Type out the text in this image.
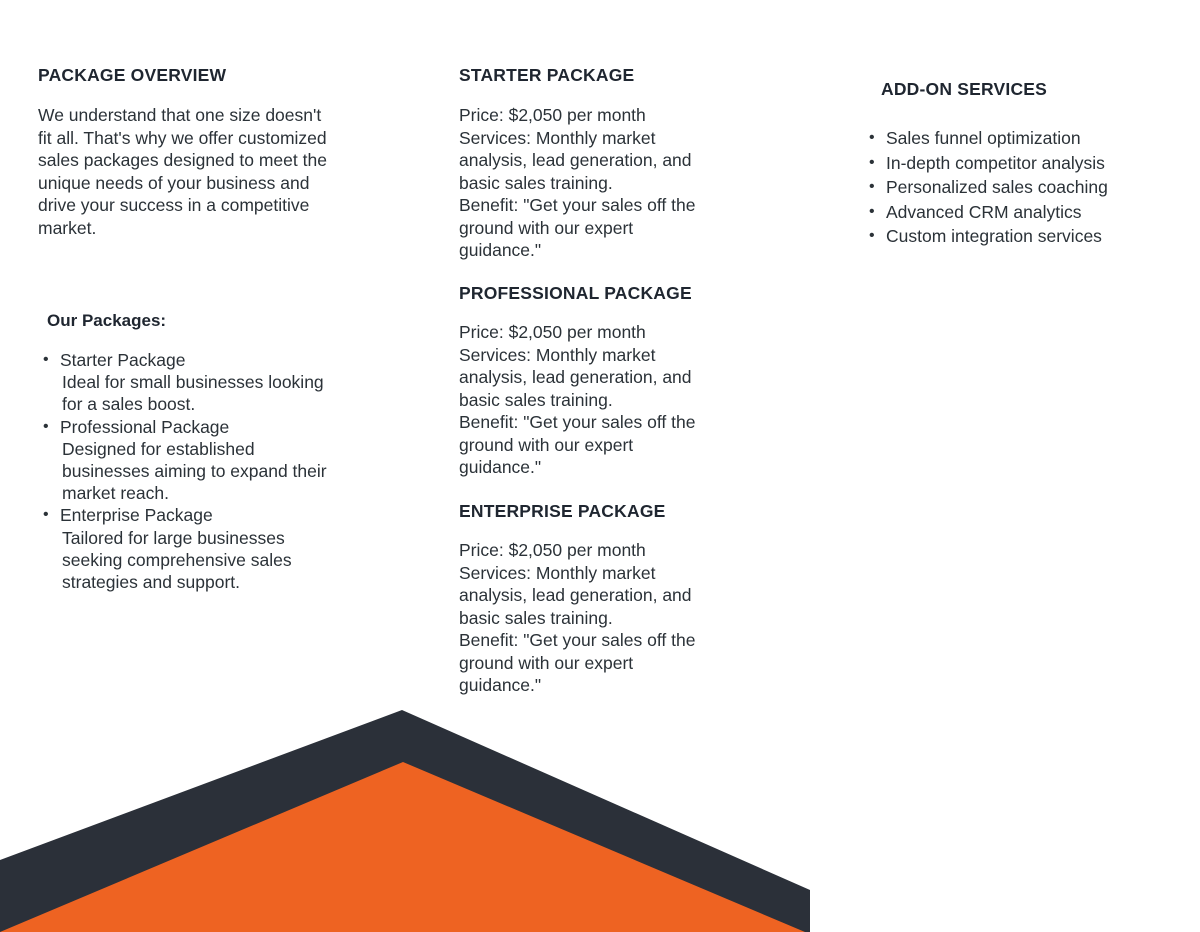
PACKAGE OVERVIEW

We understand that one size doesn't fit all. That's why we offer customized sales packages designed to meet the unique needs of your business and drive your success in a competitive market.

Our Packages:
• Starter Package
Ideal for small businesses looking for a sales boost.
• Professional Package
Designed for established businesses aiming to expand their market reach.
• Enterprise Package
Tailored for large businesses seeking comprehensive sales strategies and support.
STARTER PACKAGE

Price: $2,050 per month

Services: Monthly market analysis, lead generation, and basic sales training.

Benefit: "Get your sales off the ground with our expert guidance."

PROFESSIONAL PACKAGE

Price: $2,050 per month

Services: Monthly market analysis, lead generation, and basic sales training.

Benefit: "Get your sales off the ground with our expert guidance."

ENTERPRISE PACKAGE

Price: $2,050 per month

Services: Monthly market analysis, lead generation, and basic sales training.

Benefit: "Get your sales off the ground with our expert guidance."

ADD-ON SERVICES
• Sales funnel optimization
• In-depth competitor analysis
• Personalized sales coaching
• Advanced CRM analytics
• Custom integration services
